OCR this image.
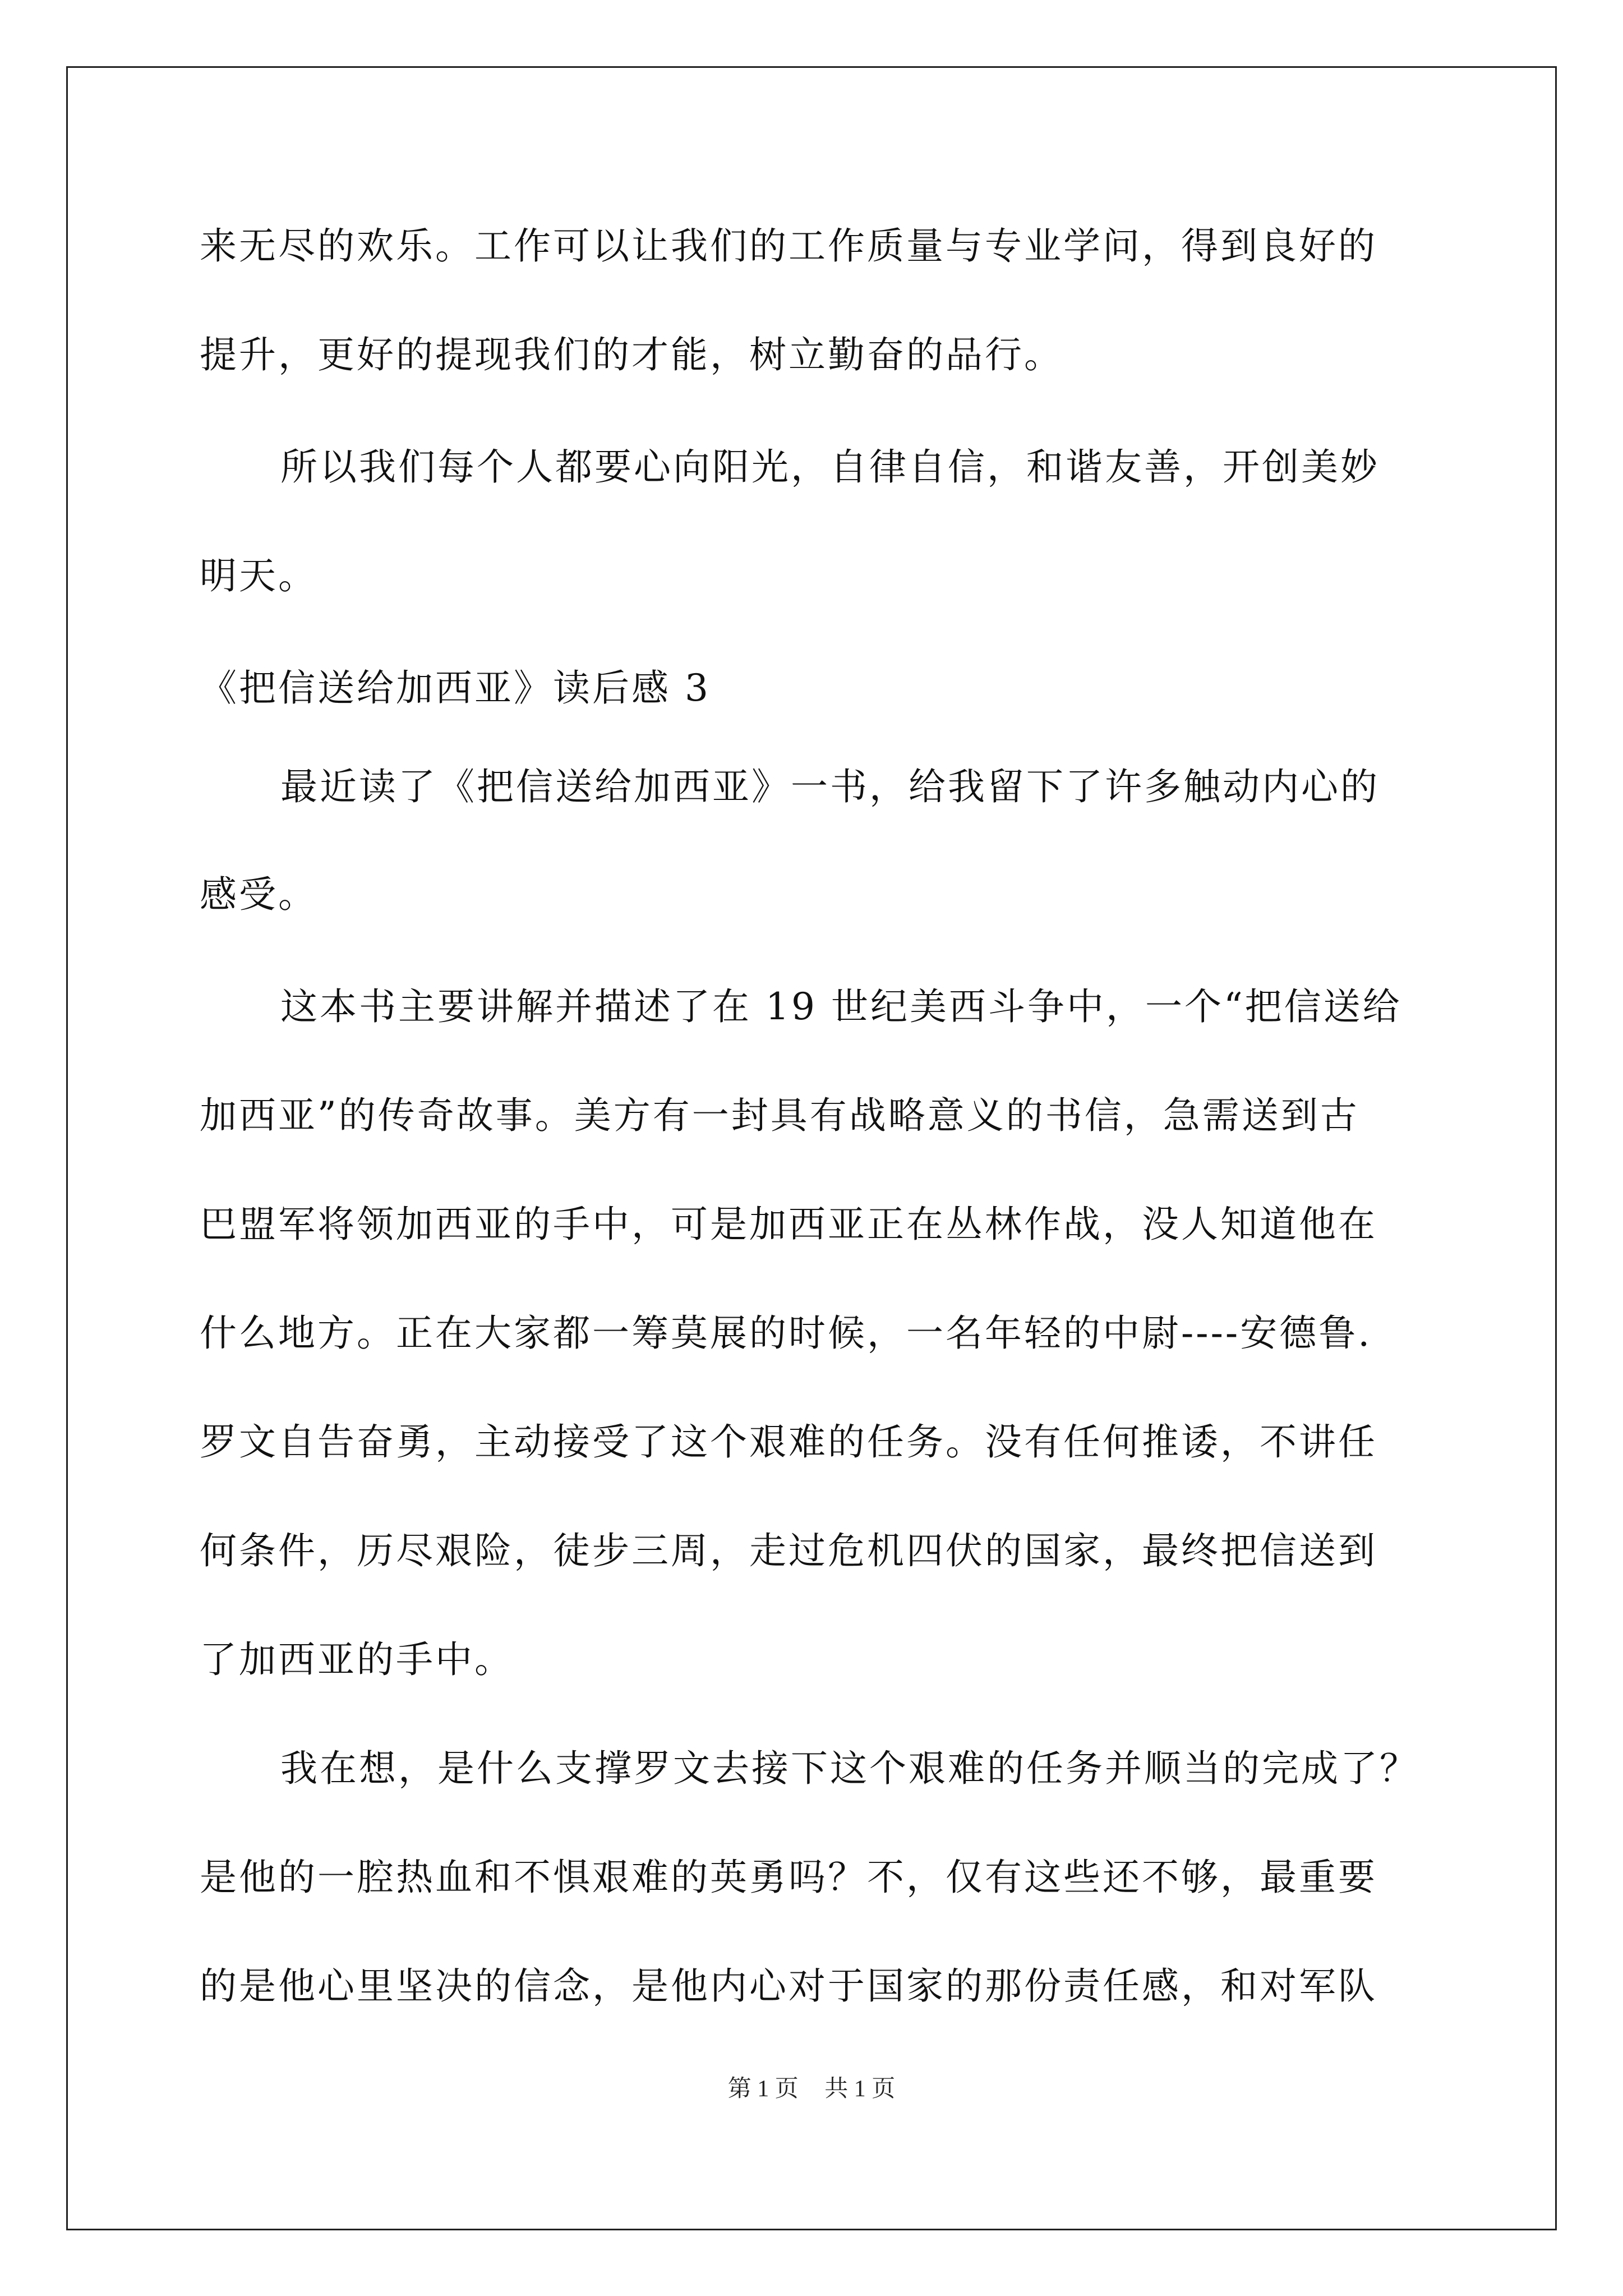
来无尽的欢乐。工作可以让我们的工作质量与专业学问，得到良好的
提升，更好的提现我们的才能，树立勤奋的品行。
所以我们每个人都要心向阳光，自律自信，和谐友善，开创美妙
明天。
《把信送给加西亚》读后感 3
最近读了《把信送给加西亚》一书，给我留下了许多触动内心的
感受。
这本书主要讲解并描述了在 19 世纪美西斗争中，一个“把信送给
加西亚”的传奇故事。美方有一封具有战略意义的书信，急需送到古
巴盟军将领加西亚的手中，可是加西亚正在丛林作战，没人知道他在
什么地方。正在大家都一筹莫展的时候，一名年轻的中尉----安德鲁.
罗文自告奋勇，主动接受了这个艰难的任务。没有任何推诿，不讲任
何条件，历尽艰险，徒步三周，走过危机四伏的国家，最终把信送到
了加西亚的手中。
我在想，是什么支撑罗文去接下这个艰难的任务并顺当的完成了？
是他的一腔热血和不惧艰难的英勇吗？不，仅有这些还不够，最重要
的是他心里坚决的信念，是他内心对于国家的那份责任感，和对军队
第 1 页 共 1 页
